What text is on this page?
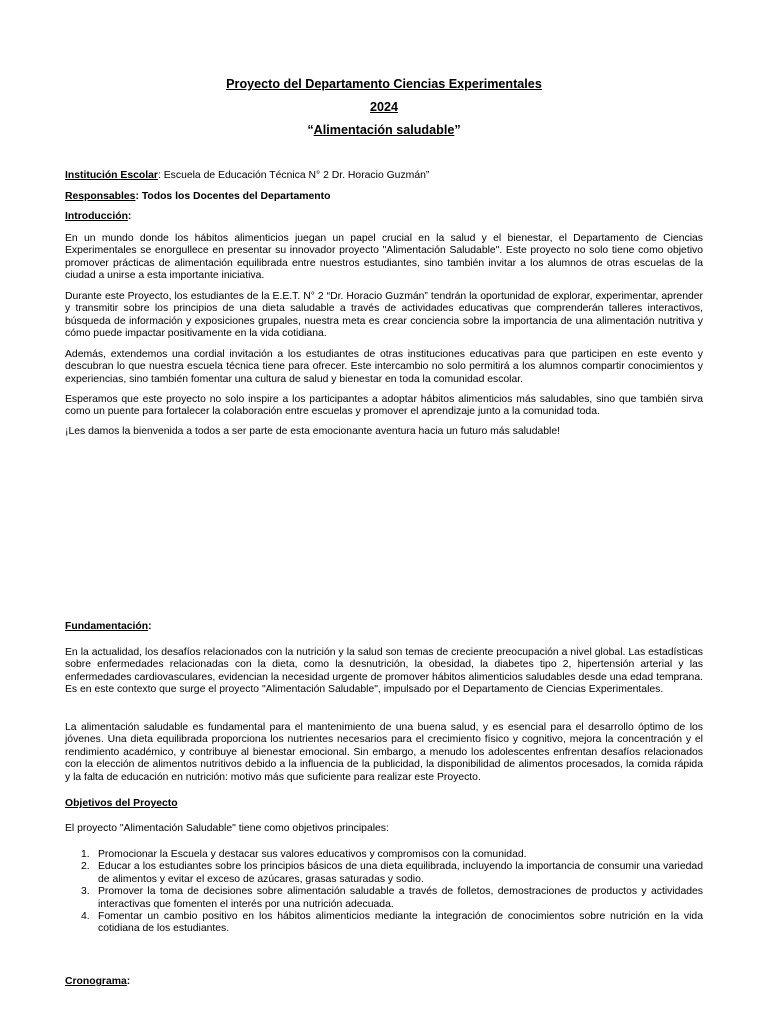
Proyecto del Departamento Ciencias Experimentales
2024
“Alimentación saludable”
Institución Escolar: Escuela de Educación Técnica N° 2 Dr. Horacio Guzmán”
Responsables: Todos los Docentes del Departamento
Introducción:

En un mundo donde los hábitos alimenticios juegan un papel crucial en la salud y el bienestar, el Departamento de Ciencias Experimentales se enorgullece en presentar su innovador proyecto "Alimentación Saludable". Este proyecto no solo tiene como objetivo promover prácticas de alimentación equilibrada entre nuestros estudiantes, sino también invitar a los alumnos de otras escuelas de la ciudad a unirse a esta importante iniciativa.

Durante este Proyecto, los estudiantes de la E.E.T. N° 2 “Dr. Horacio Guzmán” tendrán la oportunidad de explorar, experimentar, aprender y transmitir sobre los principios de una dieta saludable a través de actividades educativas que comprenderán talleres interactivos, búsqueda de información y exposiciones grupales, nuestra meta es crear conciencia sobre la importancia de una alimentación nutritiva y cómo puede impactar positivamente en la vida cotidiana.

Además, extendemos una cordial invitación a los estudiantes de otras instituciones educativas para que participen en este evento y descubran lo que nuestra escuela técnica tiene para ofrecer. Este intercambio no solo permitirá a los alumnos compartir conocimientos y experiencias, sino también fomentar una cultura de salud y bienestar en toda la comunidad escolar.

Esperamos que este proyecto no solo inspire a los participantes a adoptar hábitos alimenticios más saludables, sino que también sirva como un puente para fortalecer la colaboración entre escuelas y promover el aprendizaje junto a la comunidad toda.

¡Les damos la bienvenida a todos a ser parte de esta emocionante aventura hacia un futuro más saludable!

Fundamentación:

En la actualidad, los desafíos relacionados con la nutrición y la salud son temas de creciente preocupación a nivel global. Las estadísticas sobre enfermedades relacionadas con la dieta, como la desnutrición, la obesidad, la diabetes tipo 2, hipertensión arterial y las enfermedades cardiovasculares, evidencian la necesidad urgente de promover hábitos alimenticios saludables desde una edad temprana. Es en este contexto que surge el proyecto "Alimentación Saludable", impulsado por el Departamento de Ciencias Experimentales.

La alimentación saludable es fundamental para el mantenimiento de una buena salud, y es esencial para el desarrollo óptimo de los jóvenes. Una dieta equilibrada proporciona los nutrientes necesarios para el crecimiento físico y cognitivo, mejora la concentración y el rendimiento académico, y contribuye al bienestar emocional. Sin embargo, a menudo los adolescentes enfrentan desafíos relacionados con la elección de alimentos nutritivos debido a la influencia de la publicidad, la disponibilidad de alimentos procesados, la comida rápida y la falta de educación en nutrición: motivo más que suficiente para realizar este Proyecto.

Objetivos del Proyecto

El proyecto "Alimentación Saludable" tiene como objetivos principales:

1. Promocionar la Escuela y destacar sus valores educativos y compromisos con la comunidad.
2. Educar a los estudiantes sobre los principios básicos de una dieta equilibrada, incluyendo la importancia de consumir una variedad de alimentos y evitar el exceso de azúcares, grasas saturadas y sodio.
3. Promover la toma de decisiones sobre alimentación saludable a través de folletos, demostraciones de productos y actividades interactivas que fomenten el interés por una nutrición adecuada.
4. Fomentar un cambio positivo en los hábitos alimenticios mediante la integración de conocimientos sobre nutrición en la vida cotidiana de los estudiantes.
Cronograma:
